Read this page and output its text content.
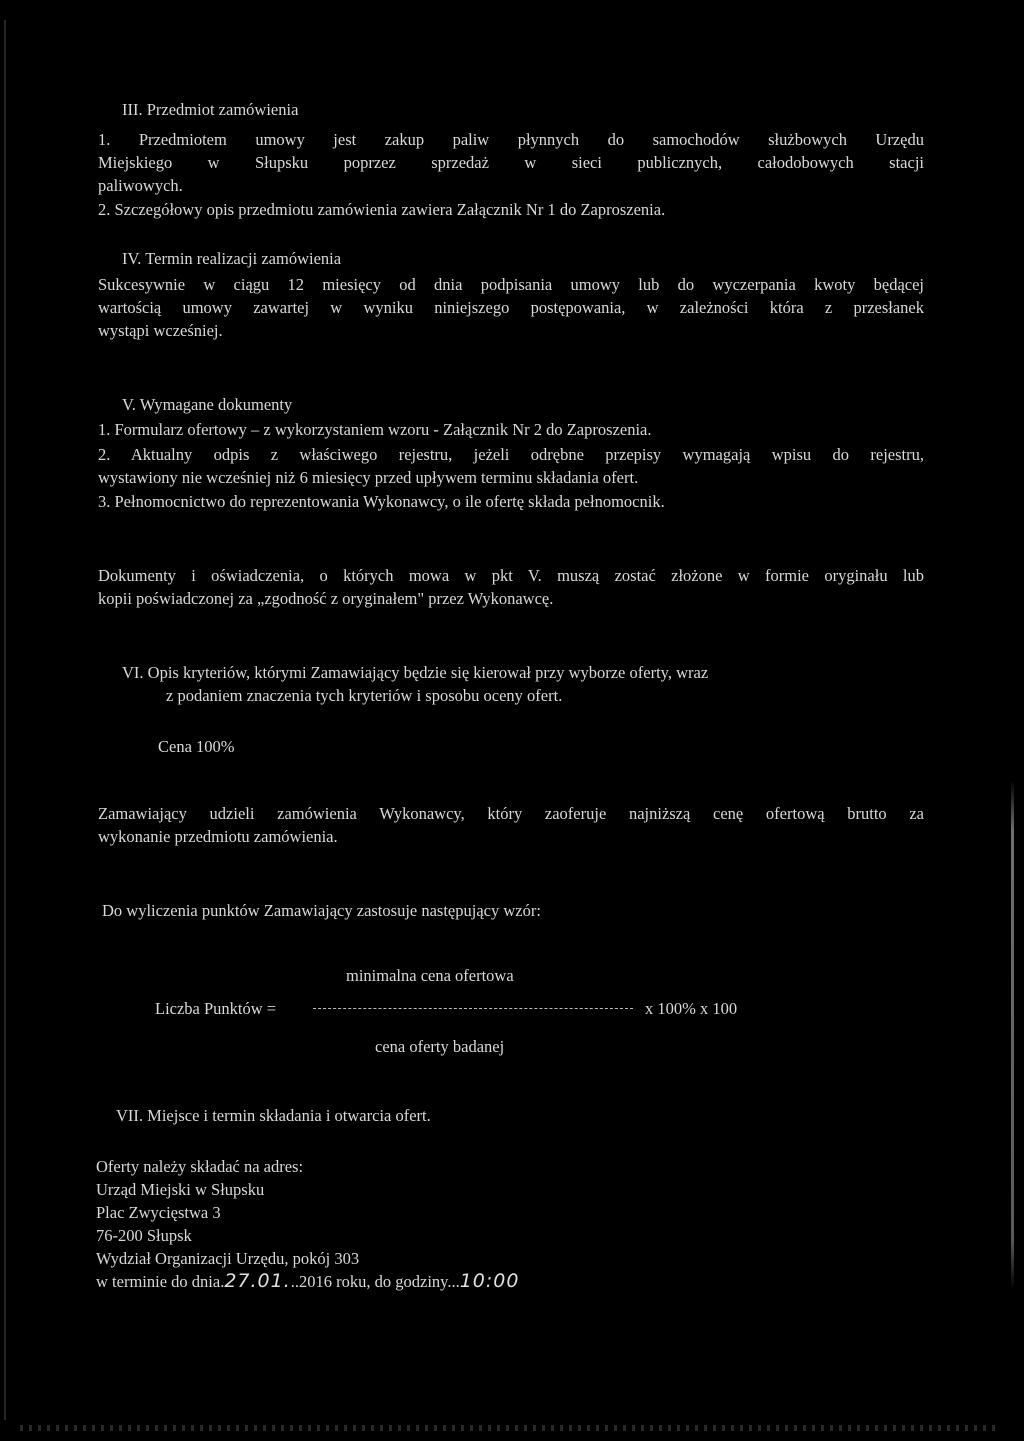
III. Przedmiot zamówienia
1. Przedmiotem umowy jest zakup paliw płynnych do samochodów służbowych Urzędu
Miejskiego w Słupsku poprzez sprzedaż w sieci publicznych, całodobowych stacji
paliwowych.
2. Szczegółowy opis przedmiotu zamówienia zawiera Załącznik Nr 1 do Zaproszenia.
IV. Termin realizacji zamówienia
Sukcesywnie w ciągu 12 miesięcy od dnia podpisania umowy lub do wyczerpania kwoty będącej
wartością umowy zawartej w wyniku niniejszego postępowania, w zależności która z przesłanek
wystąpi wcześniej.
V. Wymagane dokumenty
1. Formularz ofertowy – z wykorzystaniem wzoru - Załącznik Nr 2 do Zaproszenia.
2. Aktualny odpis z właściwego rejestru, jeżeli odrębne przepisy wymagają wpisu do rejestru,
wystawiony nie wcześniej niż 6 miesięcy przed upływem terminu składania ofert.
3. Pełnomocnictwo do reprezentowania Wykonawcy, o ile ofertę składa pełnomocnik.
Dokumenty i oświadczenia, o których mowa w pkt V. muszą zostać złożone w formie oryginału lub
kopii poświadczonej za „zgodność z oryginałem" przez Wykonawcę.
VI. Opis kryteriów, którymi Zamawiający będzie się kierował przy wyborze oferty, wraz
z podaniem znaczenia tych kryteriów i sposobu oceny ofert.
Cena 100%
Zamawiający udzieli zamówienia Wykonawcy, który zaoferuje najniższą cenę ofertową brutto za
wykonanie przedmiotu zamówienia.
Do wyliczenia punktów Zamawiający zastosuje następujący wzór:
minimalna cena ofertowa
Liczba Punktów =	x 100% x 100
cena oferty badanej
VII. Miejsce i termin składania i otwarcia ofert.
Oferty należy składać na adres:
Urząd Miejski w Słupsku
Plac Zwycięstwa 3
76-200 Słupsk
Wydział Organizacji Urzędu, pokój 303
w terminie do dnia.27.01...2016 roku, do godziny...10:00
